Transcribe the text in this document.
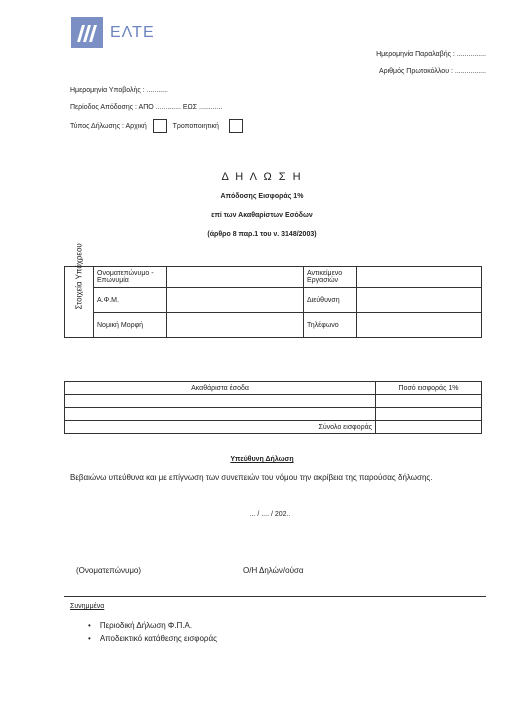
ΕΛΤΕ
Ημερομηνία Παραλαβής : ...............
Αριθμός Πρωτοκόλλου : ................
Ημερομηνία Υποβολής : ...........
Περίοδος Απόδοσης : ΑΠΟ ............. ΕΩΣ ............
Τύπος Δήλωσης : Αρχική	Τροποποιητική
Δ Η Λ Ω Σ Η
Απόδοσης Εισφοράς 1%
επί των Ακαθαρίστων Εσόδων
(άρθρο 8 παρ.1 του ν. 3148/2003)
Στοιχεία Υπόχρεου	Ονοματεπώνυμο - Επωνυμία		Αντικείμενο Εργασιών	
	Α.Φ.Μ.		Διεύθυνση	
	Νομική Μορφή		Τηλέφωνο	
Ακαθάριστα έσοδα	Ποσό εισφοράς 1%

Σύνολο εισφοράς	
Υπεύθυνη Δήλωση
Βεβαιώνω υπεύθυνα και με επίγνωση των συνεπειών του νόμου την ακρίβεια της παρούσας δήλωσης.
... / .... / 202..
(Ονοματεπώνυμο)	Ο/Η Δηλών/ούσα
Συνημμένα
• Περιοδική Δήλωση Φ.Π.Α.
• Αποδεικτικό κατάθεσης εισφοράς
